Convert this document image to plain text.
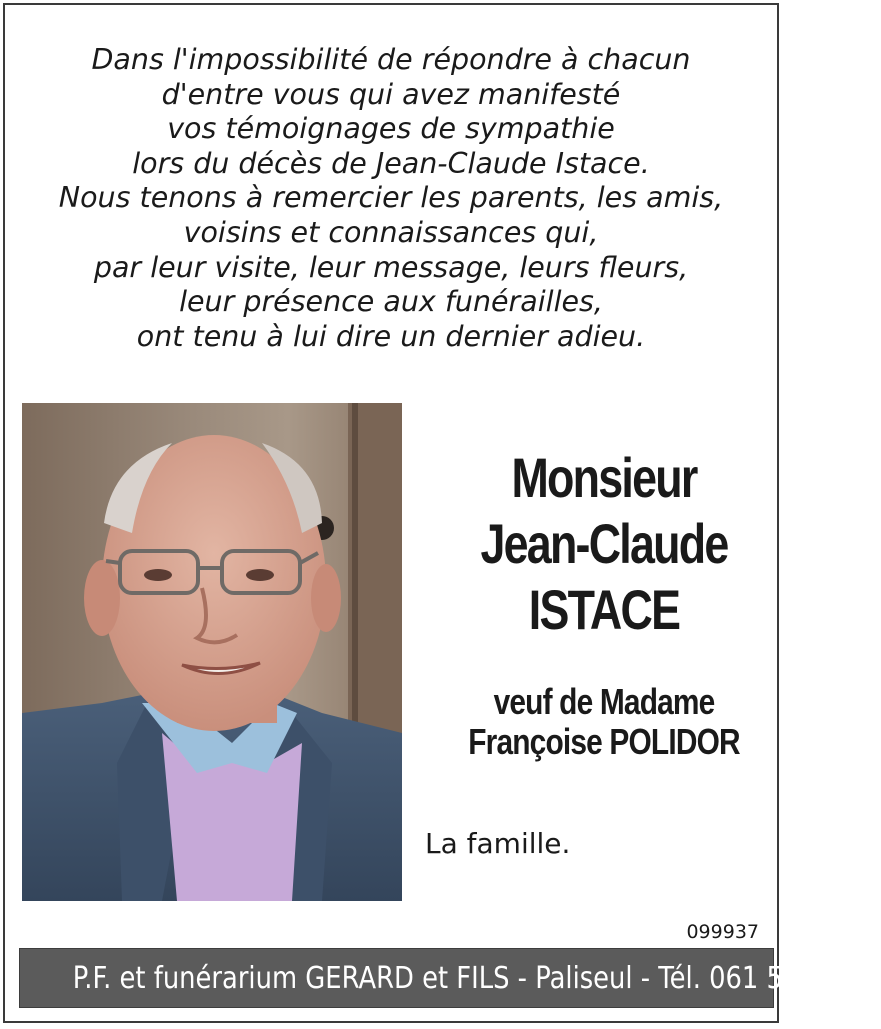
Dans l'impossibilité de répondre à chacun
d'entre vous qui avez manifesté
vos témoignages de sympathie
lors du décès de Jean-Claude Istace.
Nous tenons à remercier les parents, les amis,
voisins et connaissances qui,
par leur visite, leur message, leurs fleurs,
leur présence aux funérailles,
ont tenu à lui dire un dernier adieu.
Monsieur
Jean-Claude
ISTACE
veuf de Madame
Françoise POLIDOR
La famille.
099937
P.F. et funérarium GERARD et FILS - Paliseul - Tél. 061 53 32 84
